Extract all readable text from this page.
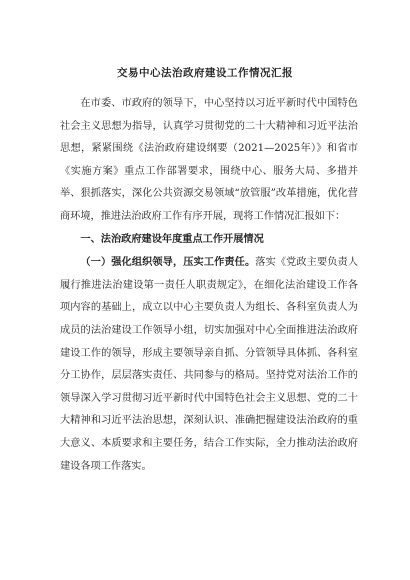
交易中心法治政府建设工作情况汇报

在市委、市政府的领导下，中心坚持以习近平新时代中国特色社会主义思想为指导，认真学习贯彻党的二十大精神和习近平法治思想，紧紧围绕《法治政府建设纲要（2021—2025年）》和省市《实施方案》重点工作部署要求，围绕中心、服务大局、多措并举、狠抓落实，深化公共资源交易领域“放管服”改革措施，优化营商环境，推进法治政府工作有序开展，现将工作情况汇报如下：

一、法治政府建设年度重点工作开展情况

（一）强化组织领导，压实工作责任。落实《党政主要负责人履行推进法治建设第一责任人职责规定》，在细化法治建设工作各项内容的基础上，成立以中心主要负责人为组长、各科室负责人为成员的法治建设工作领导小组，切实加强对中心全面推进法治政府建设工作的领导，形成主要领导亲自抓、分管领导具体抓、各科室分工协作，层层落实责任、共同参与的格局。坚持党对法治工作的领导深入学习贯彻习近平新时代中国特色社会主义思想、党的二十大精神和习近平法治思想，深刻认识、准确把握建设法治政府的重大意义、本质要求和主要任务，结合工作实际，全力推动法治政府建设各项工作落实。
